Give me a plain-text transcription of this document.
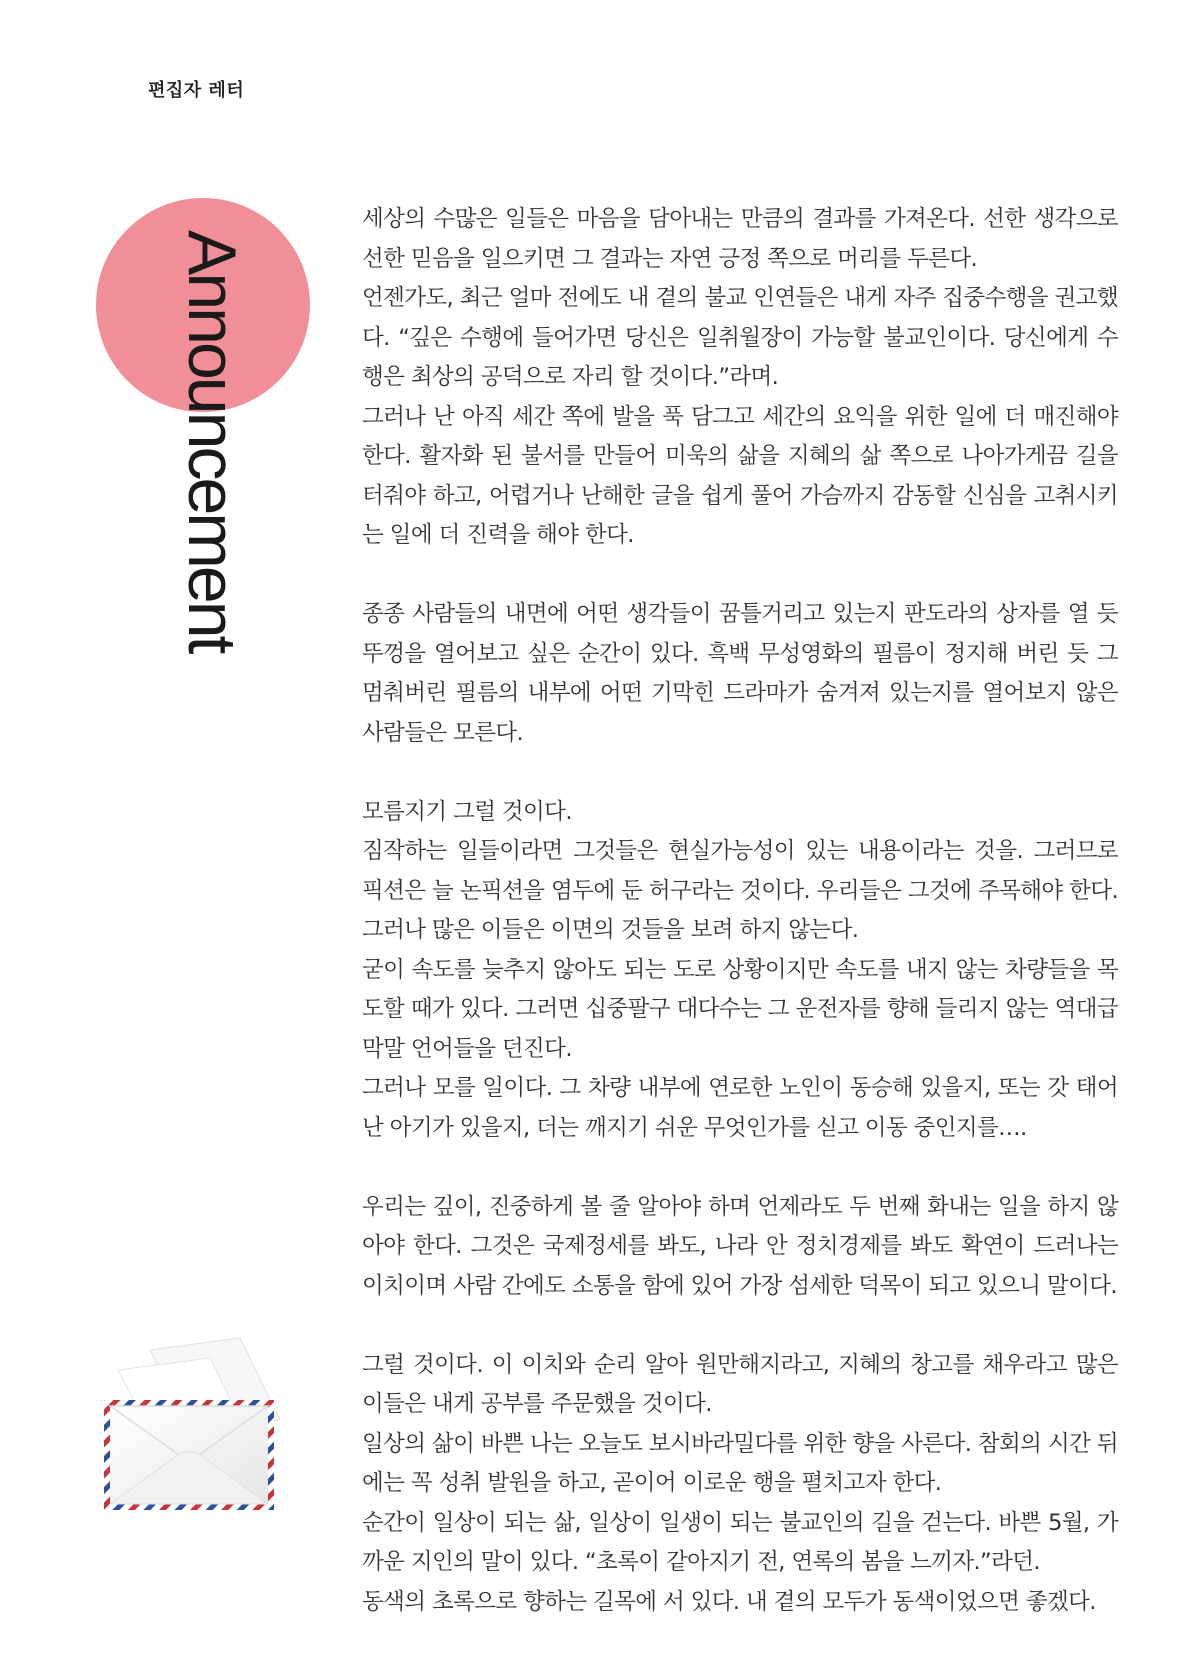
편집자 레터
Announcement
세상의 수많은 일들은 마음을 담아내는 만큼의 결과를 가져온다. 선한 생각으로 선한 믿음을 일으키면 그 결과는 자연 긍정 쪽으로 머리를 두른다.
언젠가도, 최근 얼마 전에도 내 곁의 불교 인연들은 내게 자주 집중수행을 권고했다. “깊은 수행에 들어가면 당신은 일취월장이 가능할 불교인이다. 당신에게 수행은 최상의 공덕으로 자리 할 것이다.”라며.
그러나 난 아직 세간 쪽에 발을 푹 담그고 세간의 요익을 위한 일에 더 매진해야 한다. 활자화 된 불서를 만들어 미욱의 삶을 지혜의 삶 쪽으로 나아가게끔 길을 터줘야 하고, 어렵거나 난해한 글을 쉽게 풀어 가슴까지 감동할 신심을 고취시키는 일에 더 진력을 해야 한다.
종종 사람들의 내면에 어떤 생각들이 꿈틀거리고 있는지 판도라의 상자를 열 듯 뚜껑을 열어보고 싶은 순간이 있다. 흑백 무성영화의 필름이 정지해 버린 듯 그 멈춰버린 필름의 내부에 어떤 기막힌 드라마가 숨겨져 있는지를 열어보지 않은 사람들은 모른다.
모름지기 그럴 것이다.
짐작하는 일들이라면 그것들은 현실가능성이 있는 내용이라는 것을. 그러므로 픽션은 늘 논픽션을 염두에 둔 허구라는 것이다. 우리들은 그것에 주목해야 한다. 그러나 많은 이들은 이면의 것들을 보려 하지 않는다.
굳이 속도를 늦추지 않아도 되는 도로 상황이지만 속도를 내지 않는 차량들을 목도할 때가 있다. 그러면 십중팔구 대다수는 그 운전자를 향해 들리지 않는 역대급 막말 언어들을 던진다.
그러나 모를 일이다. 그 차량 내부에 연로한 노인이 동승해 있을지, 또는 갓 태어난 아기가 있을지, 더는 깨지기 쉬운 무엇인가를 싣고 이동 중인지를….
우리는 깊이, 진중하게 볼 줄 알아야 하며 언제라도 두 번째 화내는 일을 하지 않아야 한다. 그것은 국제정세를 봐도, 나라 안 정치경제를 봐도 확연이 드러나는 이치이며 사람 간에도 소통을 함에 있어 가장 섬세한 덕목이 되고 있으니 말이다.
그럴 것이다. 이 이치와 순리 알아 원만해지라고, 지혜의 창고를 채우라고 많은 이들은 내게 공부를 주문했을 것이다.
일상의 삶이 바쁜 나는 오늘도 보시바라밀다를 위한 향을 사른다. 참회의 시간 뒤에는 꼭 성취 발원을 하고, 곧이어 이로운 행을 펼치고자 한다.
순간이 일상이 되는 삶, 일상이 일생이 되는 불교인의 길을 걷는다. 바쁜 5월, 가까운 지인의 말이 있다. “초록이 같아지기 전, 연록의 봄을 느끼자.”라던.
동색의 초록으로 향하는 길목에 서 있다. 내 곁의 모두가 동색이었으면 좋겠다.
